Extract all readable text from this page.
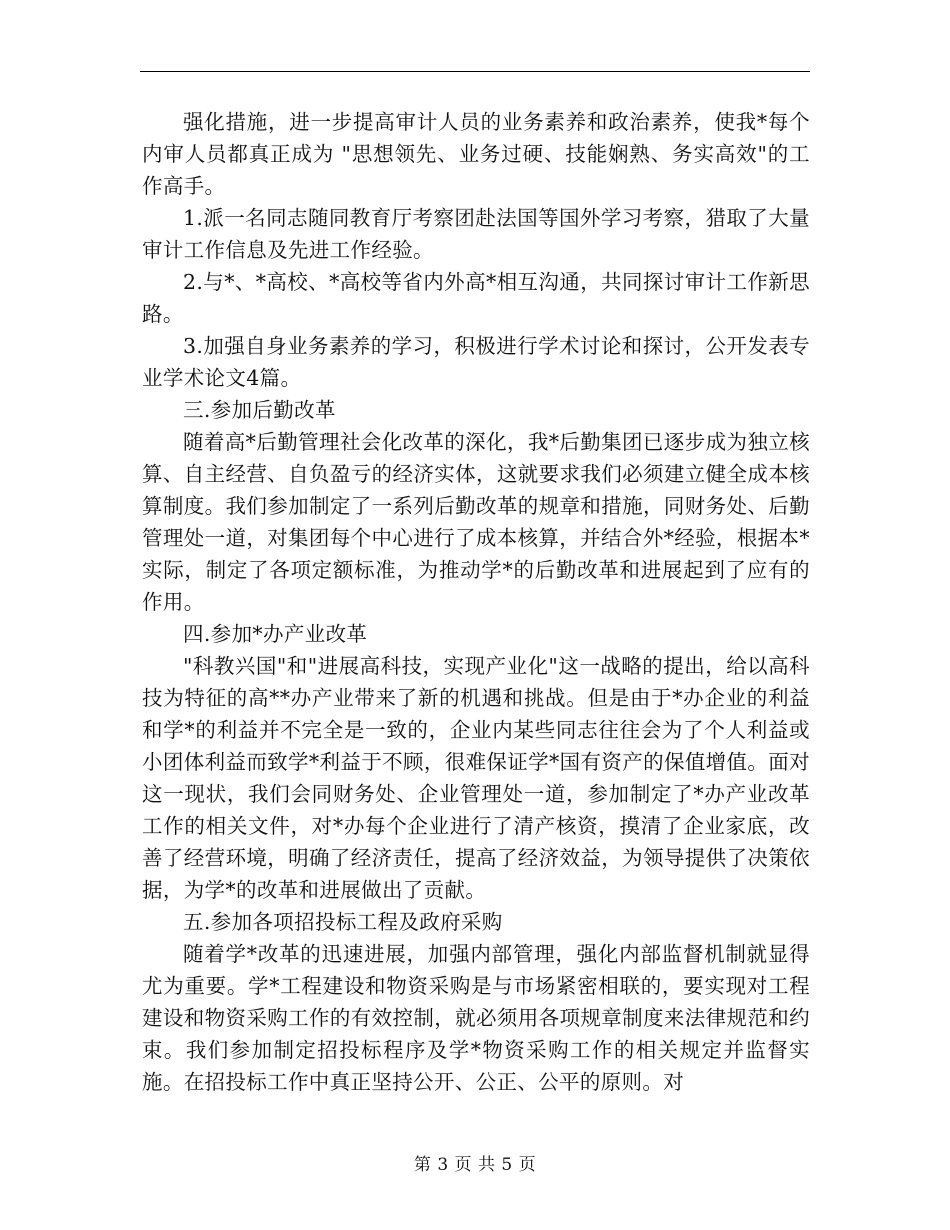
强化措施，进一步提高审计人员的业务素养和政治素养，使我*每个内审人员都真正成为 "思想领先、业务过硬、技能娴熟、务实高效"的工作高手。

1.派一名同志随同教育厅考察团赴法国等国外学习考察，猎取了大量审计工作信息及先进工作经验。

2.与*、*高校、*高校等省内外高*相互沟通，共同探讨审计工作新思路。

3.加强自身业务素养的学习，积极进行学术讨论和探讨，公开发表专业学术论文4篇。

三.参加后勤改革

随着高*后勤管理社会化改革的深化，我*后勤集团已逐步成为独立核算、自主经营、自负盈亏的经济实体，这就要求我们必须建立健全成本核算制度。我们参加制定了一系列后勤改革的规章和措施，同财务处、后勤管理处一道，对集团每个中心进行了成本核算，并结合外*经验，根据本*实际，制定了各项定额标准，为推动学*的后勤改革和进展起到了应有的作用。

四.参加*办产业改革

"科教兴国"和"进展高科技，实现产业化"这一战略的提出，给以高科技为特征的高**办产业带来了新的机遇和挑战。但是由于*办企业的利益和学*的利益并不完全是一致的，企业内某些同志往往会为了个人利益或小团体利益而致学*利益于不顾，很难保证学*国有资产的保值增值。面对这一现状，我们会同财务处、企业管理处一道，参加制定了*办产业改革工作的相关文件，对*办每个企业进行了清产核资，摸清了企业家底，改善了经营环境，明确了经济责任，提高了经济效益，为领导提供了决策依据，为学*的改革和进展做出了贡献。

五.参加各项招投标工程及政府采购

随着学*改革的迅速进展，加强内部管理，强化内部监督机制就显得尤为重要。学*工程建设和物资采购是与市场紧密相联的，要实现对工程建设和物资采购工作的有效控制，就必须用各项规章制度来法律规范和约束。我们参加制定招投标程序及学*物资采购工作的相关规定并监督实施。在招投标工作中真正坚持公开、公正、公平的原则。对

第 3 页 共 5 页
